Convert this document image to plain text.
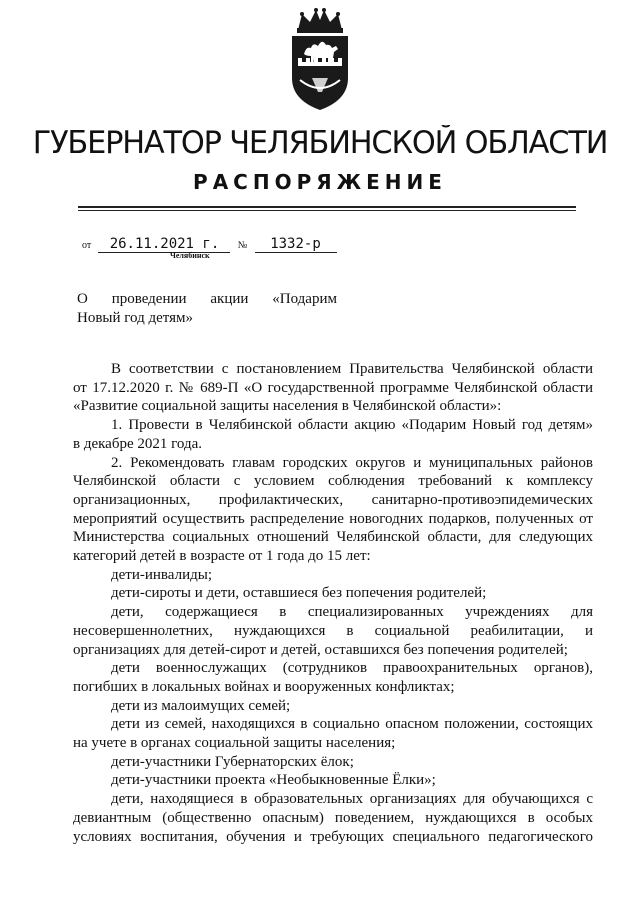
ГУБЕРНАТОР ЧЕЛЯБИНСКОЙ ОБЛАСТИ
РАСПОРЯЖЕНИЕ
от 26.11.2021 г. № 1332-р
Челябинск
О проведении акции «Подарим
Новый год детям»

В соответствии с постановлением Правительства Челябинской области

от 17.12.2020 г. № 689-П «О государственной программе Челябинской области

«Развитие социальной защиты населения в Челябинской области»:

1. Провести в Челябинской области акцию «Подарим Новый год детям»

в декабре 2021 года.

2. Рекомендовать главам городских округов и муниципальных районов

Челябинской области с условием соблюдения требований к комплексу

организационных, профилактических, санитарно-противоэпидемических

мероприятий осуществить распределение новогодних подарков, полученных от

Министерства социальных отношений Челябинской области, для следующих

категорий детей в возрасте от 1 года до 15 лет:

дети-инвалиды;

дети-сироты и дети, оставшиеся без попечения родителей;

дети, содержащиеся в специализированных учреждениях для

несовершеннолетних, нуждающихся в социальной реабилитации, и

организациях для детей-сирот и детей, оставшихся без попечения родителей;

дети военнослужащих (сотрудников правоохранительных органов),

погибших в локальных войнах и вооруженных конфликтах;

дети из малоимущих семей;

дети из семей, находящихся в социально опасном положении, состоящих

на учете в органах социальной защиты населения;

дети-участники Губернаторских ёлок;

дети-участники проекта «Необыкновенные Ёлки»;

дети, находящиеся в образовательных организациях для обучающихся с

девиантным (общественно опасным) поведением, нуждающихся в особых

условиях воспитания, обучения и требующих специального педагогического
